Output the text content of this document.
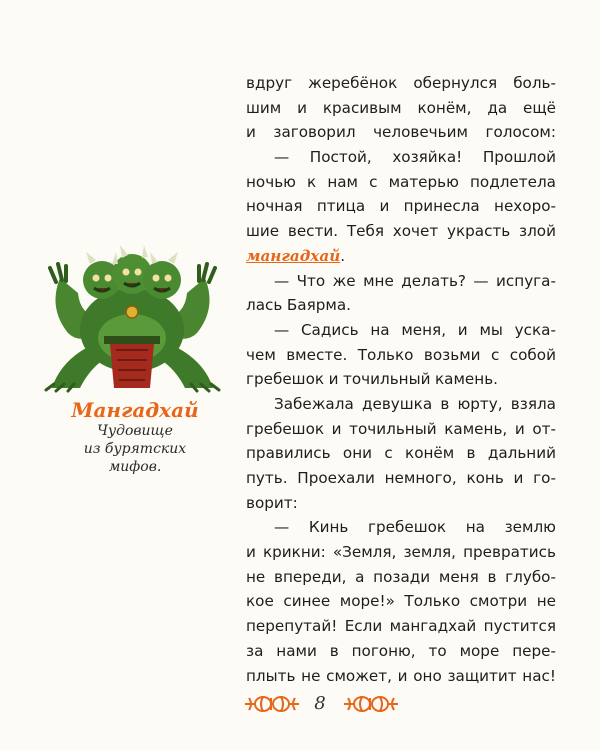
Мангадхай
Чудовище
из бурятских
мифов.
вдруг жеребёнок обернулся боль-
шим и красивым конём, да ещё
и заговорил человечьим голосом:
— Постой, хозяйка! Прошлой
ночью к нам с матерью подлетела
ночная птица и принесла нехоро-
шие вести. Тебя хочет украсть злой
мангадхай .
— Что же мне делать? — испуга-
лась Баярма.
— Садись на меня, и мы уска-
чем вместе. Только возьми с собой
гребешок и точильный камень.
Забежала девушка в юрту, взяла
гребешок и точильный камень, и от-
правились они с конём в дальний
путь. Проехали немного, конь и го-
ворит:
— Кинь гребешок на землю
и крикни: «Земля, земля, превратись
не впереди, а позади меня в глубо-
кое синее море!» Только смотри не
перепутай! Если мангадхай пустится
за нами в погоню, то море пере-
плыть не сможет, и оно защитит нас!
8
